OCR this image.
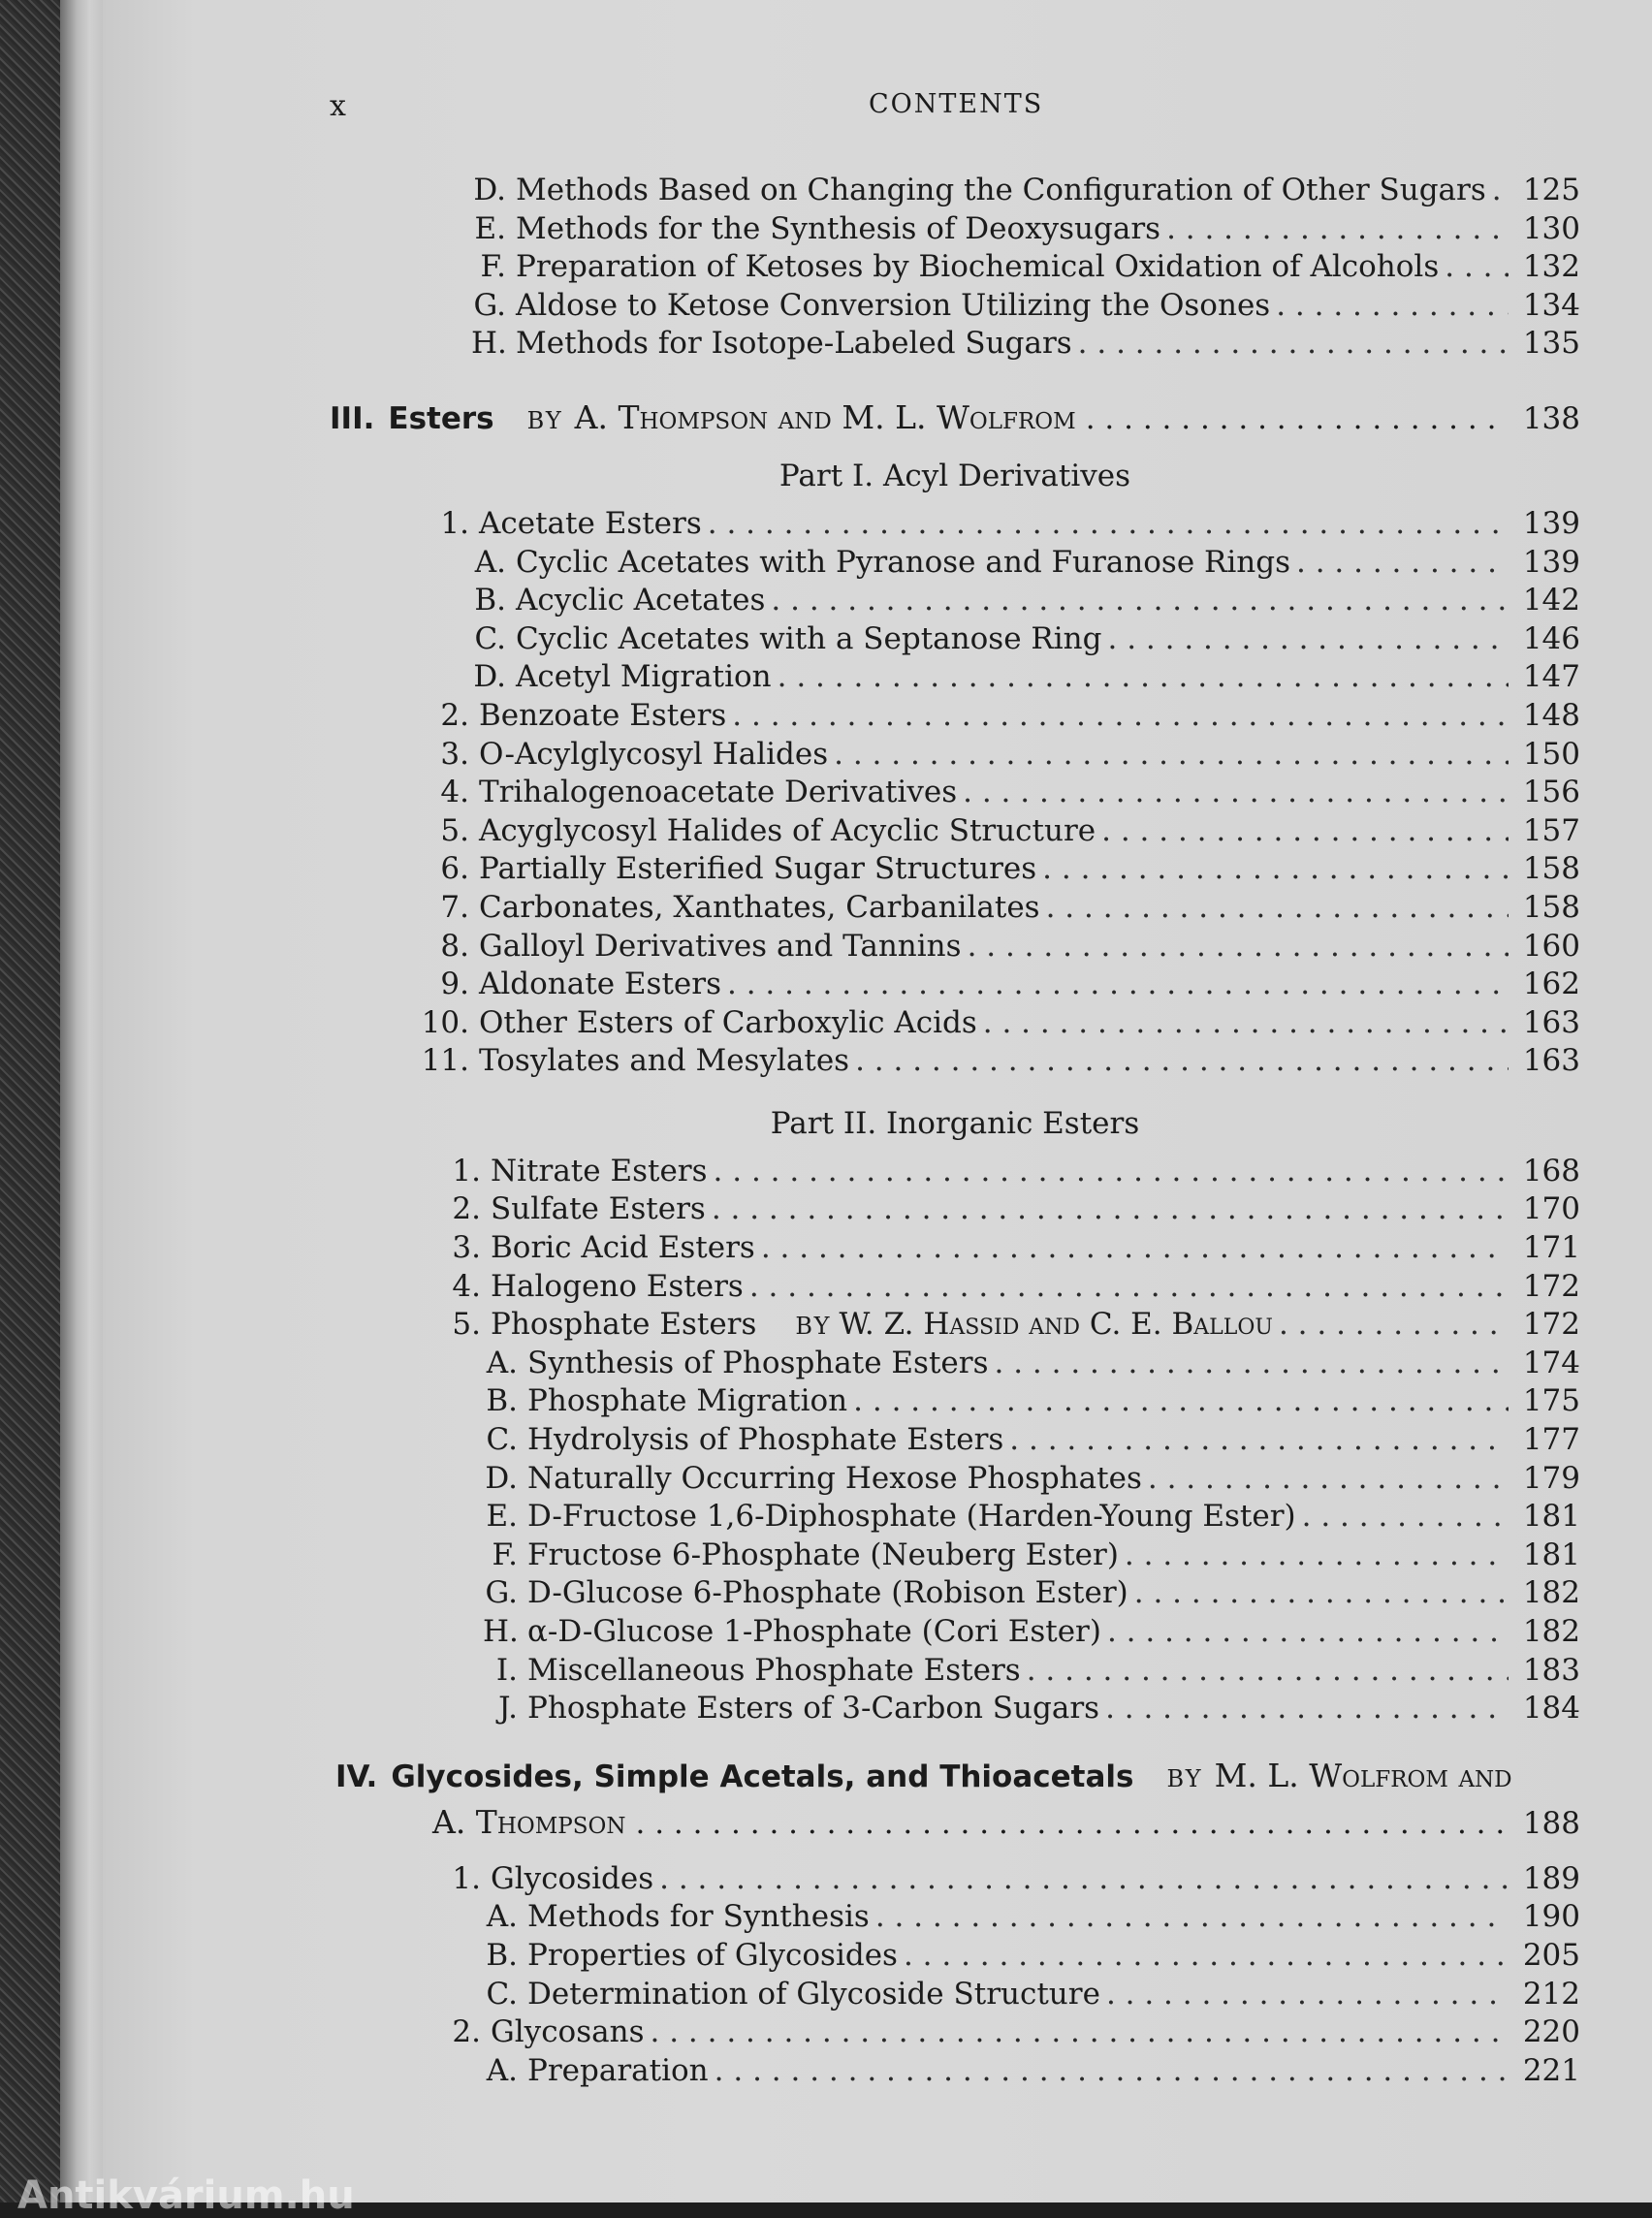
x	CONTENTS
D. Methods Based on Changing the Configuration of Other Sugars . . . 125
E. Methods for the Synthesis of Deoxysugars . . .	130
F. Preparation of Ketoses by Biochemical Oxidation of Alcohols . . .	132
G. Aldose to Ketose Conversion Utilizing the Osones . . .	134
H. Methods for Isotope-Labeled Sugars . . .	135
III. Esters BY A. Thompson and M. L. Wolfrom . . .	138
Part I. Acyl Derivatives
1. Acetate Esters . . .	139
A. Cyclic Acetates with Pyranose and Furanose Rings . . .	139
B. Acyclic Acetates . . .	142
C. Cyclic Acetates with a Septanose Ring . . .	146
D. Acetyl Migration . . .	147
2. Benzoate Esters . . .	148
3. O-Acylglycosyl Halides . . .	150
4. Trihalogenoacetate Derivatives . . .	156
5. Acyglycosyl Halides of Acyclic Structure . . .	157
6. Partially Esterified Sugar Structures . . .	158
7. Carbonates, Xanthates, Carbanilates . . .	158
8. Galloyl Derivatives and Tannins . . .	160
9. Aldonate Esters . . .	162
10. Other Esters of Carboxylic Acids . . .	163
11. Tosylates and Mesylates . . .	163
Part II. Inorganic Esters
1. Nitrate Esters . . .	168
2. Sulfate Esters . . .	170
3. Boric Acid Esters . . .	171
4. Halogeno Esters . . .	172
5. Phosphate Esters BY W. Z. Hassid and C. E. Ballou . . .	172
A. Synthesis of Phosphate Esters . . .	174
B. Phosphate Migration . . .	175
C. Hydrolysis of Phosphate Esters . . .	177
D. Naturally Occurring Hexose Phosphates . . .	179
E. D-Fructose 1,6-Diphosphate (Harden-Young Ester) . . .	181
F. Fructose 6-Phosphate (Neuberg Ester) . . .	181
G. D-Glucose 6-Phosphate (Robison Ester) . . .	182
H. α-D-Glucose 1-Phosphate (Cori Ester) . . .	182
I. Miscellaneous Phosphate Esters . . .	183
J. Phosphate Esters of 3-Carbon Sugars . . .	184
IV. Glycosides, Simple Acetals, and Thioacetals BY M. L. Wolfrom and
A. Thompson . . .	188
1. Glycosides . . .	189
A. Methods for Synthesis . . .	190
B. Properties of Glycosides . . .	205
C. Determination of Glycoside Structure . . .	212
2. Glycosans . . .	220
A. Preparation . . .	221
Antikvárium.hu
